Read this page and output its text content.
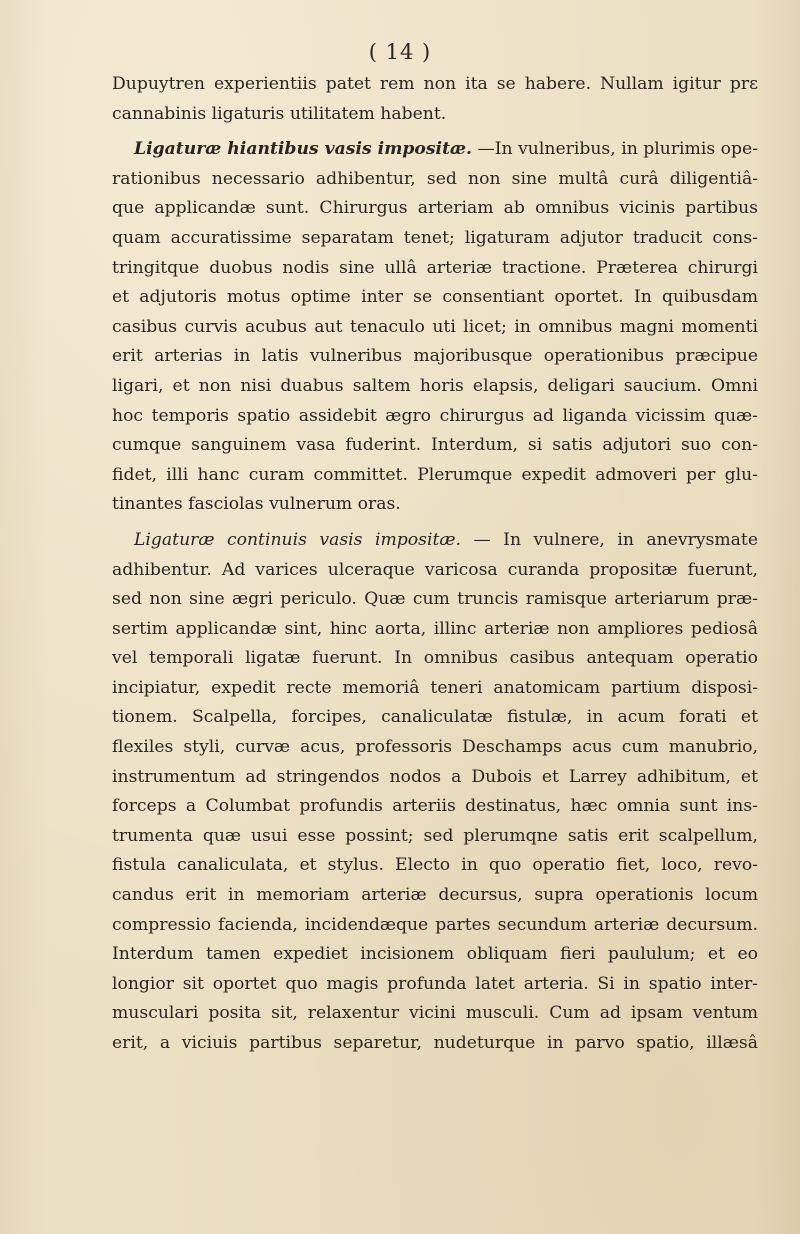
( 14 )
Dupuytren experientiis patet rem non ita se habere. Nullam igitur prɛ
cannabinis ligaturis utilitatem habent.
Ligaturæ hiantibus vasis impositæ. —In vulneribus, in plurimis ope-
rationibus necessario adhibentur, sed non sine multâ curâ diligentiâ-
que applicandæ sunt. Chirurgus arteriam ab omnibus vicinis partibus
quam accuratissime separatam tenet; ligaturam adjutor traducit cons-
tringitque duobus nodis sine ullâ arteriæ tractione. Præterea chirurgi
et adjutoris motus optime inter se consentiant oportet. In quibusdam
casibus curvis acubus aut tenaculo uti licet; in omnibus magni momenti
erit arterias in latis vulneribus majoribusque operationibus præcipue
ligari, et non nisi duabus saltem horis elapsis, deligari saucium. Omni
hoc temporis spatio assidebit ægro chirurgus ad liganda vicissim quæ-
cumque sanguinem vasa fuderint. Interdum, si satis adjutori suo con-
fidet, illi hanc curam committet. Plerumque expedit admoveri per glu-
tinantes fasciolas vulnerum oras.
Ligaturæ continuis vasis impositæ. — In vulnere, in anevrysmate
adhibentur. Ad varices ulceraque varicosa curanda propositæ fuerunt,
sed non sine ægri periculo. Quæ cum truncis ramisque arteriarum præ-
sertim applicandæ sint, hinc aorta, illinc arteriæ non ampliores pediosâ
vel temporali ligatæ fuerunt. In omnibus casibus antequam operatio
incipiatur, expedit recte memoriâ teneri anatomicam partium disposi-
tionem. Scalpella, forcipes, canaliculatæ fistulæ, in acum forati et
flexiles styli, curvæ acus, professoris Deschamps acus cum manubrio,
instrumentum ad stringendos nodos a Dubois et Larrey adhibitum, et
forceps a Columbat profundis arteriis destinatus, hæc omnia sunt ins-
trumenta quæ usui esse possint; sed plerumqne satis erit scalpellum,
fistula canaliculata, et stylus. Electo in quo operatio fiet, loco, revo-
candus erit in memoriam arteriæ decursus, supra operationis locum
compressio facienda, incidendæque partes secundum arteriæ decursum.
Interdum tamen expediet incisionem obliquam fieri paululum; et eo
longior sit oportet quo magis profunda latet arteria. Si in spatio inter-
musculari posita sit, relaxentur vicini musculi. Cum ad ipsam ventum
erit, a viciuis partibus separetur, nudeturque in parvo spatio, illæsâ
